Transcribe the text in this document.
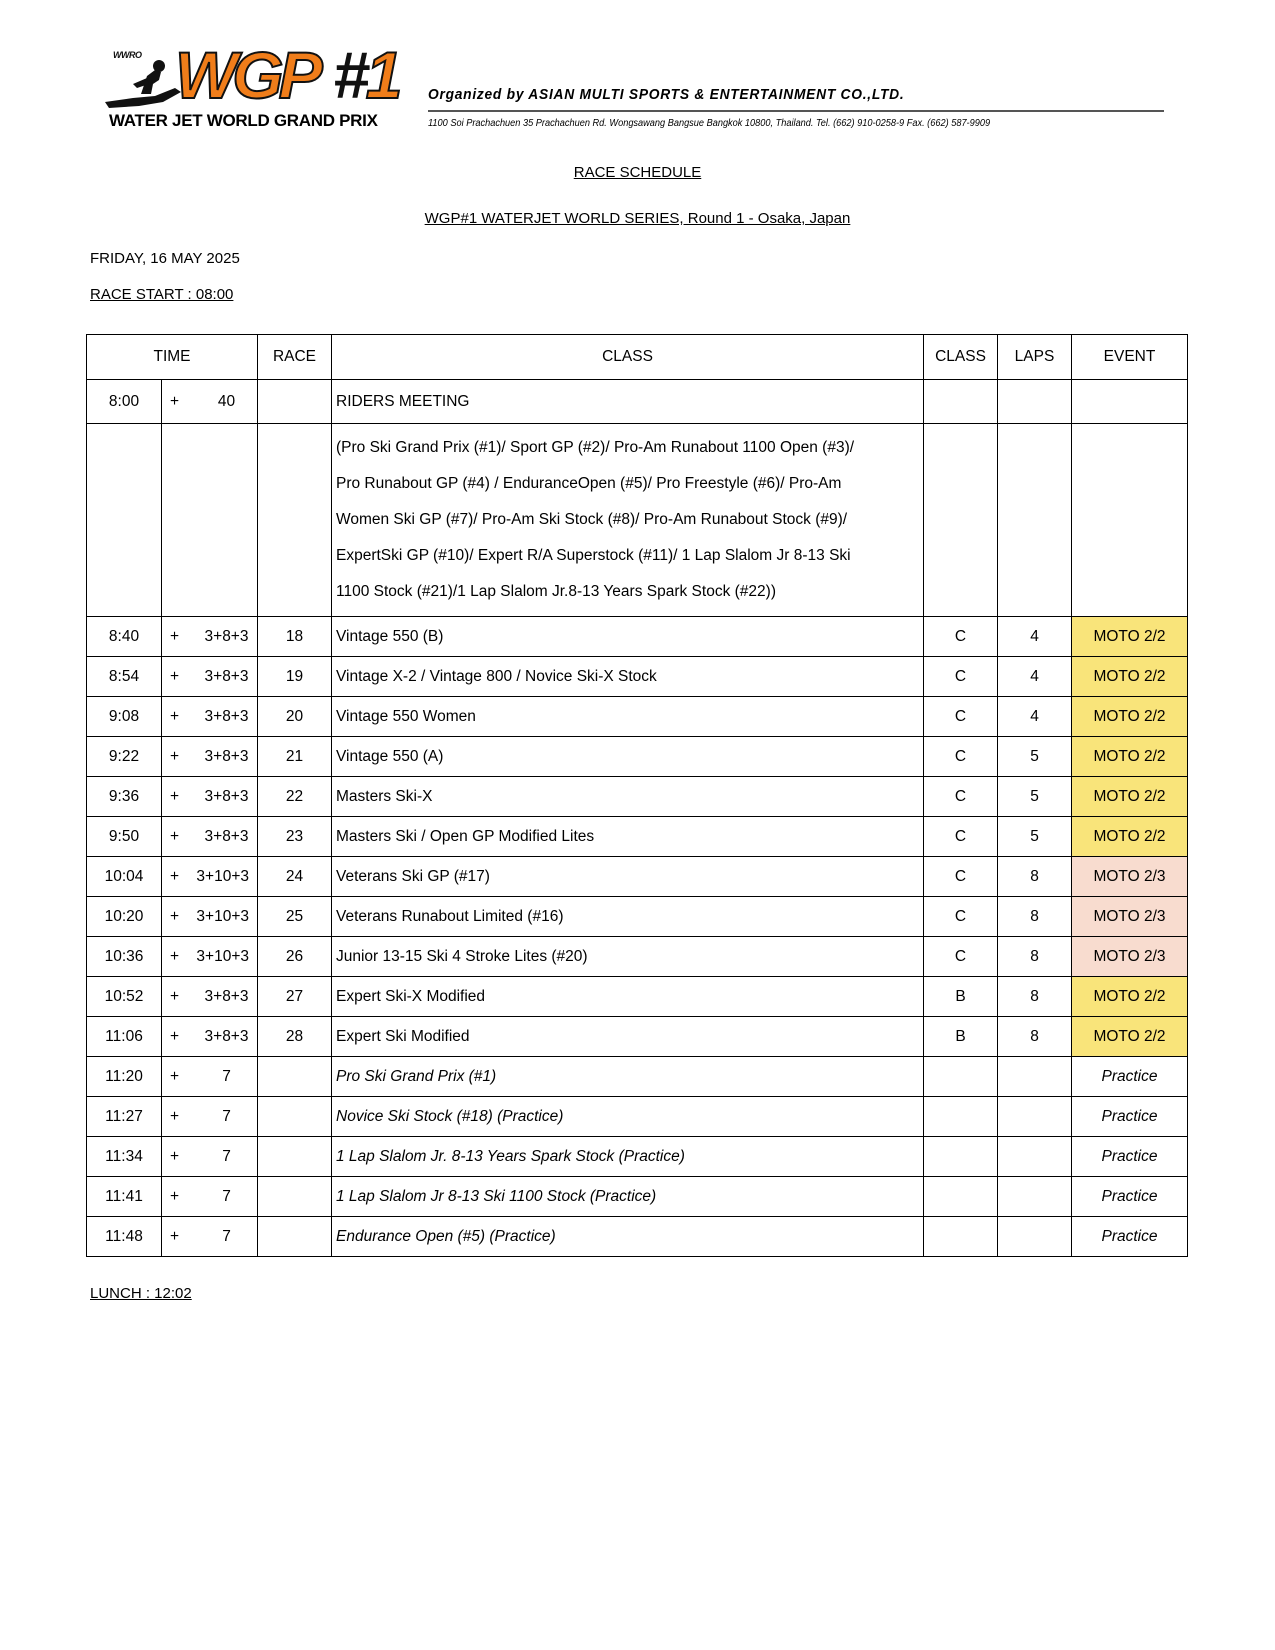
WWRO WGP #1
WATER JET WORLD GRAND PRIX
Organized by ASIAN MULTI SPORTS & ENTERTAINMENT CO.,LTD.
1100 Soi Prachachuen 35 Prachachuen Rd. Wongsawang Bangsue Bangkok 10800, Thailand. Tel. (662) 910-0258-9 Fax. (662) 587-9909
RACE SCHEDULE
WGP#1 WATERJET WORLD SERIES, Round 1 - Osaka, Japan
FRIDAY, 16 MAY 2025
RACE START : 08:00
TIME		RACE	CLASS	CLASS	LAPS	EVENT
8:00	+ 40		RIDERS MEETING			

			(Pro Ski Grand Prix (#1)/ Sport GP (#2)/ Pro-Am Runabout 1100 Open (#3)/
Pro Runabout GP (#4) / EnduranceOpen (#5)/ Pro Freestyle (#6)/ Pro-Am
Women Ski GP (#7)/ Pro-Am Ski Stock (#8)/ Pro-Am Runabout Stock (#9)/
ExpertSki GP (#10)/ Expert R/A Superstock (#11)/ 1 Lap Slalom Jr 8-13 Ski
1100 Stock (#21)/1 Lap Slalom Jr.8-13 Years Spark Stock (#22))			

8:40	+ 3+8+3	18	Vintage 550 (B)	C	4	MOTO 2/2
8:54	+ 3+8+3	19	Vintage X-2 / Vintage 800 / Novice Ski-X Stock	C	4	MOTO 2/2
9:08	+ 3+8+3	20	Vintage 550 Women	C	4	MOTO 2/2
9:22	+ 3+8+3	21	Vintage 550 (A)	C	5	MOTO 2/2
9:36	+ 3+8+3	22	Masters Ski-X	C	5	MOTO 2/2
9:50	+ 3+8+3	23	Masters Ski / Open GP Modified Lites	C	5	MOTO 2/2
10:04	+ 3+10+3	24	Veterans Ski GP (#17)	C	8	MOTO 2/3
10:20	+ 3+10+3	25	Veterans Runabout Limited (#16)	C	8	MOTO 2/3
10:36	+ 3+10+3	26	Junior 13-15 Ski 4 Stroke Lites (#20)	C	8	MOTO 2/3
10:52	+ 3+8+3	27	Expert Ski-X Modified	B	8	MOTO 2/2
11:06	+ 3+8+3	28	Expert Ski Modified	B	8	MOTO 2/2
11:20	+ 7		Pro Ski Grand Prix (#1)			Practice
11:27	+ 7		Novice Ski Stock (#18) (Practice)			Practice
11:34	+ 7		1 Lap Slalom Jr. 8-13 Years Spark Stock (Practice)			Practice
11:41	+ 7		1 Lap Slalom Jr 8-13 Ski 1100 Stock (Practice)			Practice
11:48	+ 7		Endurance Open (#5) (Practice)			Practice
LUNCH : 12:02
